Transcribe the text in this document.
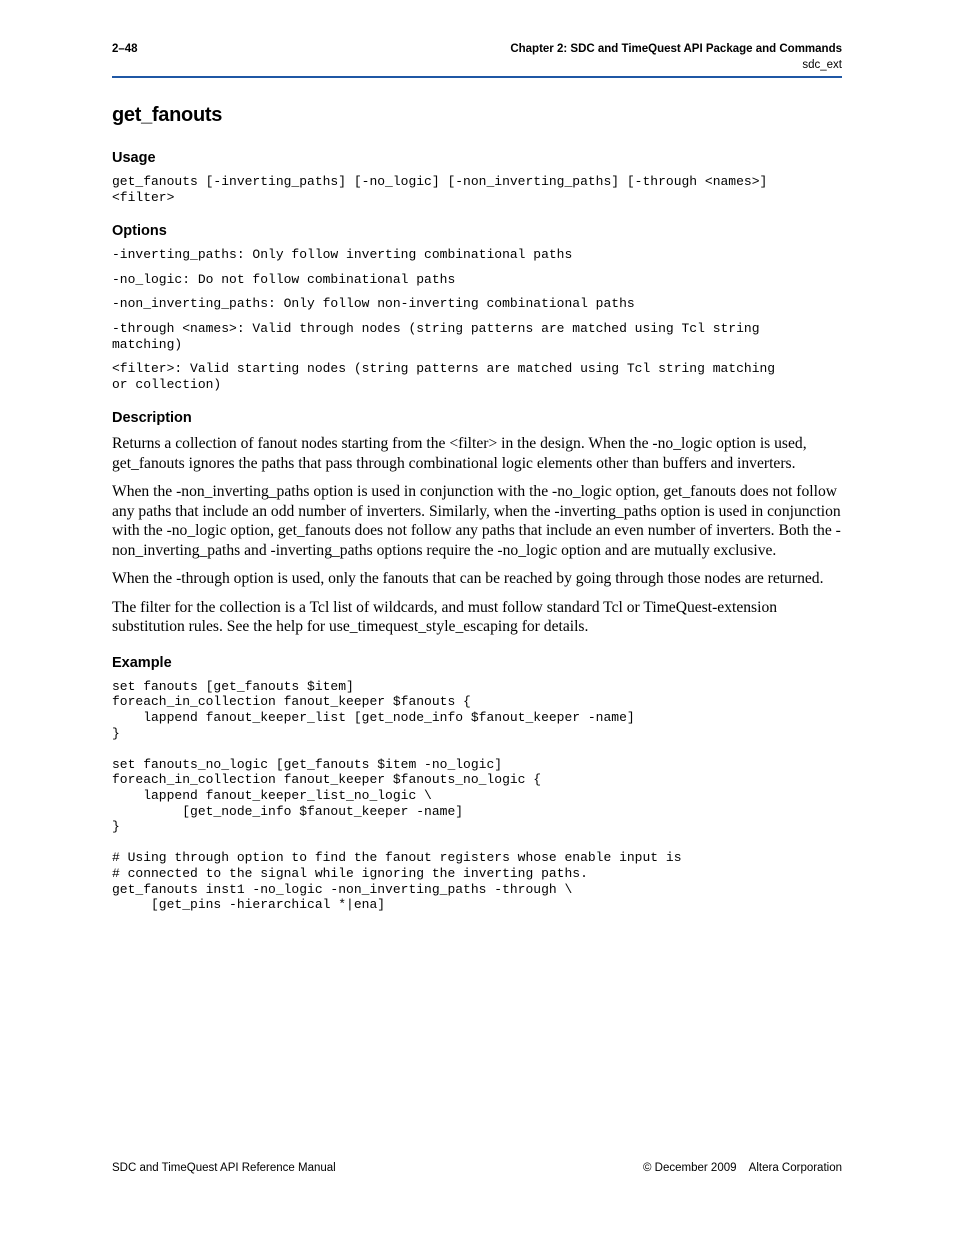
2–48	Chapter 2: SDC and TimeQuest API Package and Commands
sdc_ext
get_fanouts
Usage
get_fanouts [-inverting_paths] [-no_logic] [-non_inverting_paths] [-through <names>]
<filter>
Options
-inverting_paths: Only follow inverting combinational paths
-no_logic: Do not follow combinational paths
-non_inverting_paths: Only follow non-inverting combinational paths
-through <names>: Valid through nodes (string patterns are matched using Tcl string
matching)
<filter>: Valid starting nodes (string patterns are matched using Tcl string matching
or collection)
Description

Returns a collection of fanout nodes starting from the <filter> in the design. When the -no_logic option is used, get_fanouts ignores the paths that pass through combinational logic elements other than buffers and inverters.

When the -non_inverting_paths option is used in conjunction with the -no_logic option, get_fanouts does not follow any paths that include an odd number of inverters. Similarly, when the -inverting_paths option is used in conjunction with the -no_logic option, get_fanouts does not follow any paths that include an even number of inverters. Both the -non_inverting_paths and -inverting_paths options require the -no_logic option and are mutually exclusive.

When the -through option is used, only the fanouts that can be reached by going through those nodes are returned.

The filter for the collection is a Tcl list of wildcards, and must follow standard Tcl or TimeQuest-extension substitution rules. See the help for use_timequest_style_escaping for details.

Example
set fanouts [get_fanouts $item]
foreach_in_collection fanout_keeper $fanouts {
lappend fanout_keeper_list [get_node_info $fanout_keeper -name]
}
set fanouts_no_logic [get_fanouts $item -no_logic]
foreach_in_collection fanout_keeper $fanouts_no_logic {
lappend fanout_keeper_list_no_logic \
[get_node_info $fanout_keeper -name]
}
# Using through option to find the fanout registers whose enable input is
# connected to the signal while ignoring the inverting paths.
get_fanouts inst1 -no_logic -non_inverting_paths -through \
[get_pins -hierarchical *|ena]
SDC and TimeQuest API Reference Manual	© December 2009 Altera Corporation
